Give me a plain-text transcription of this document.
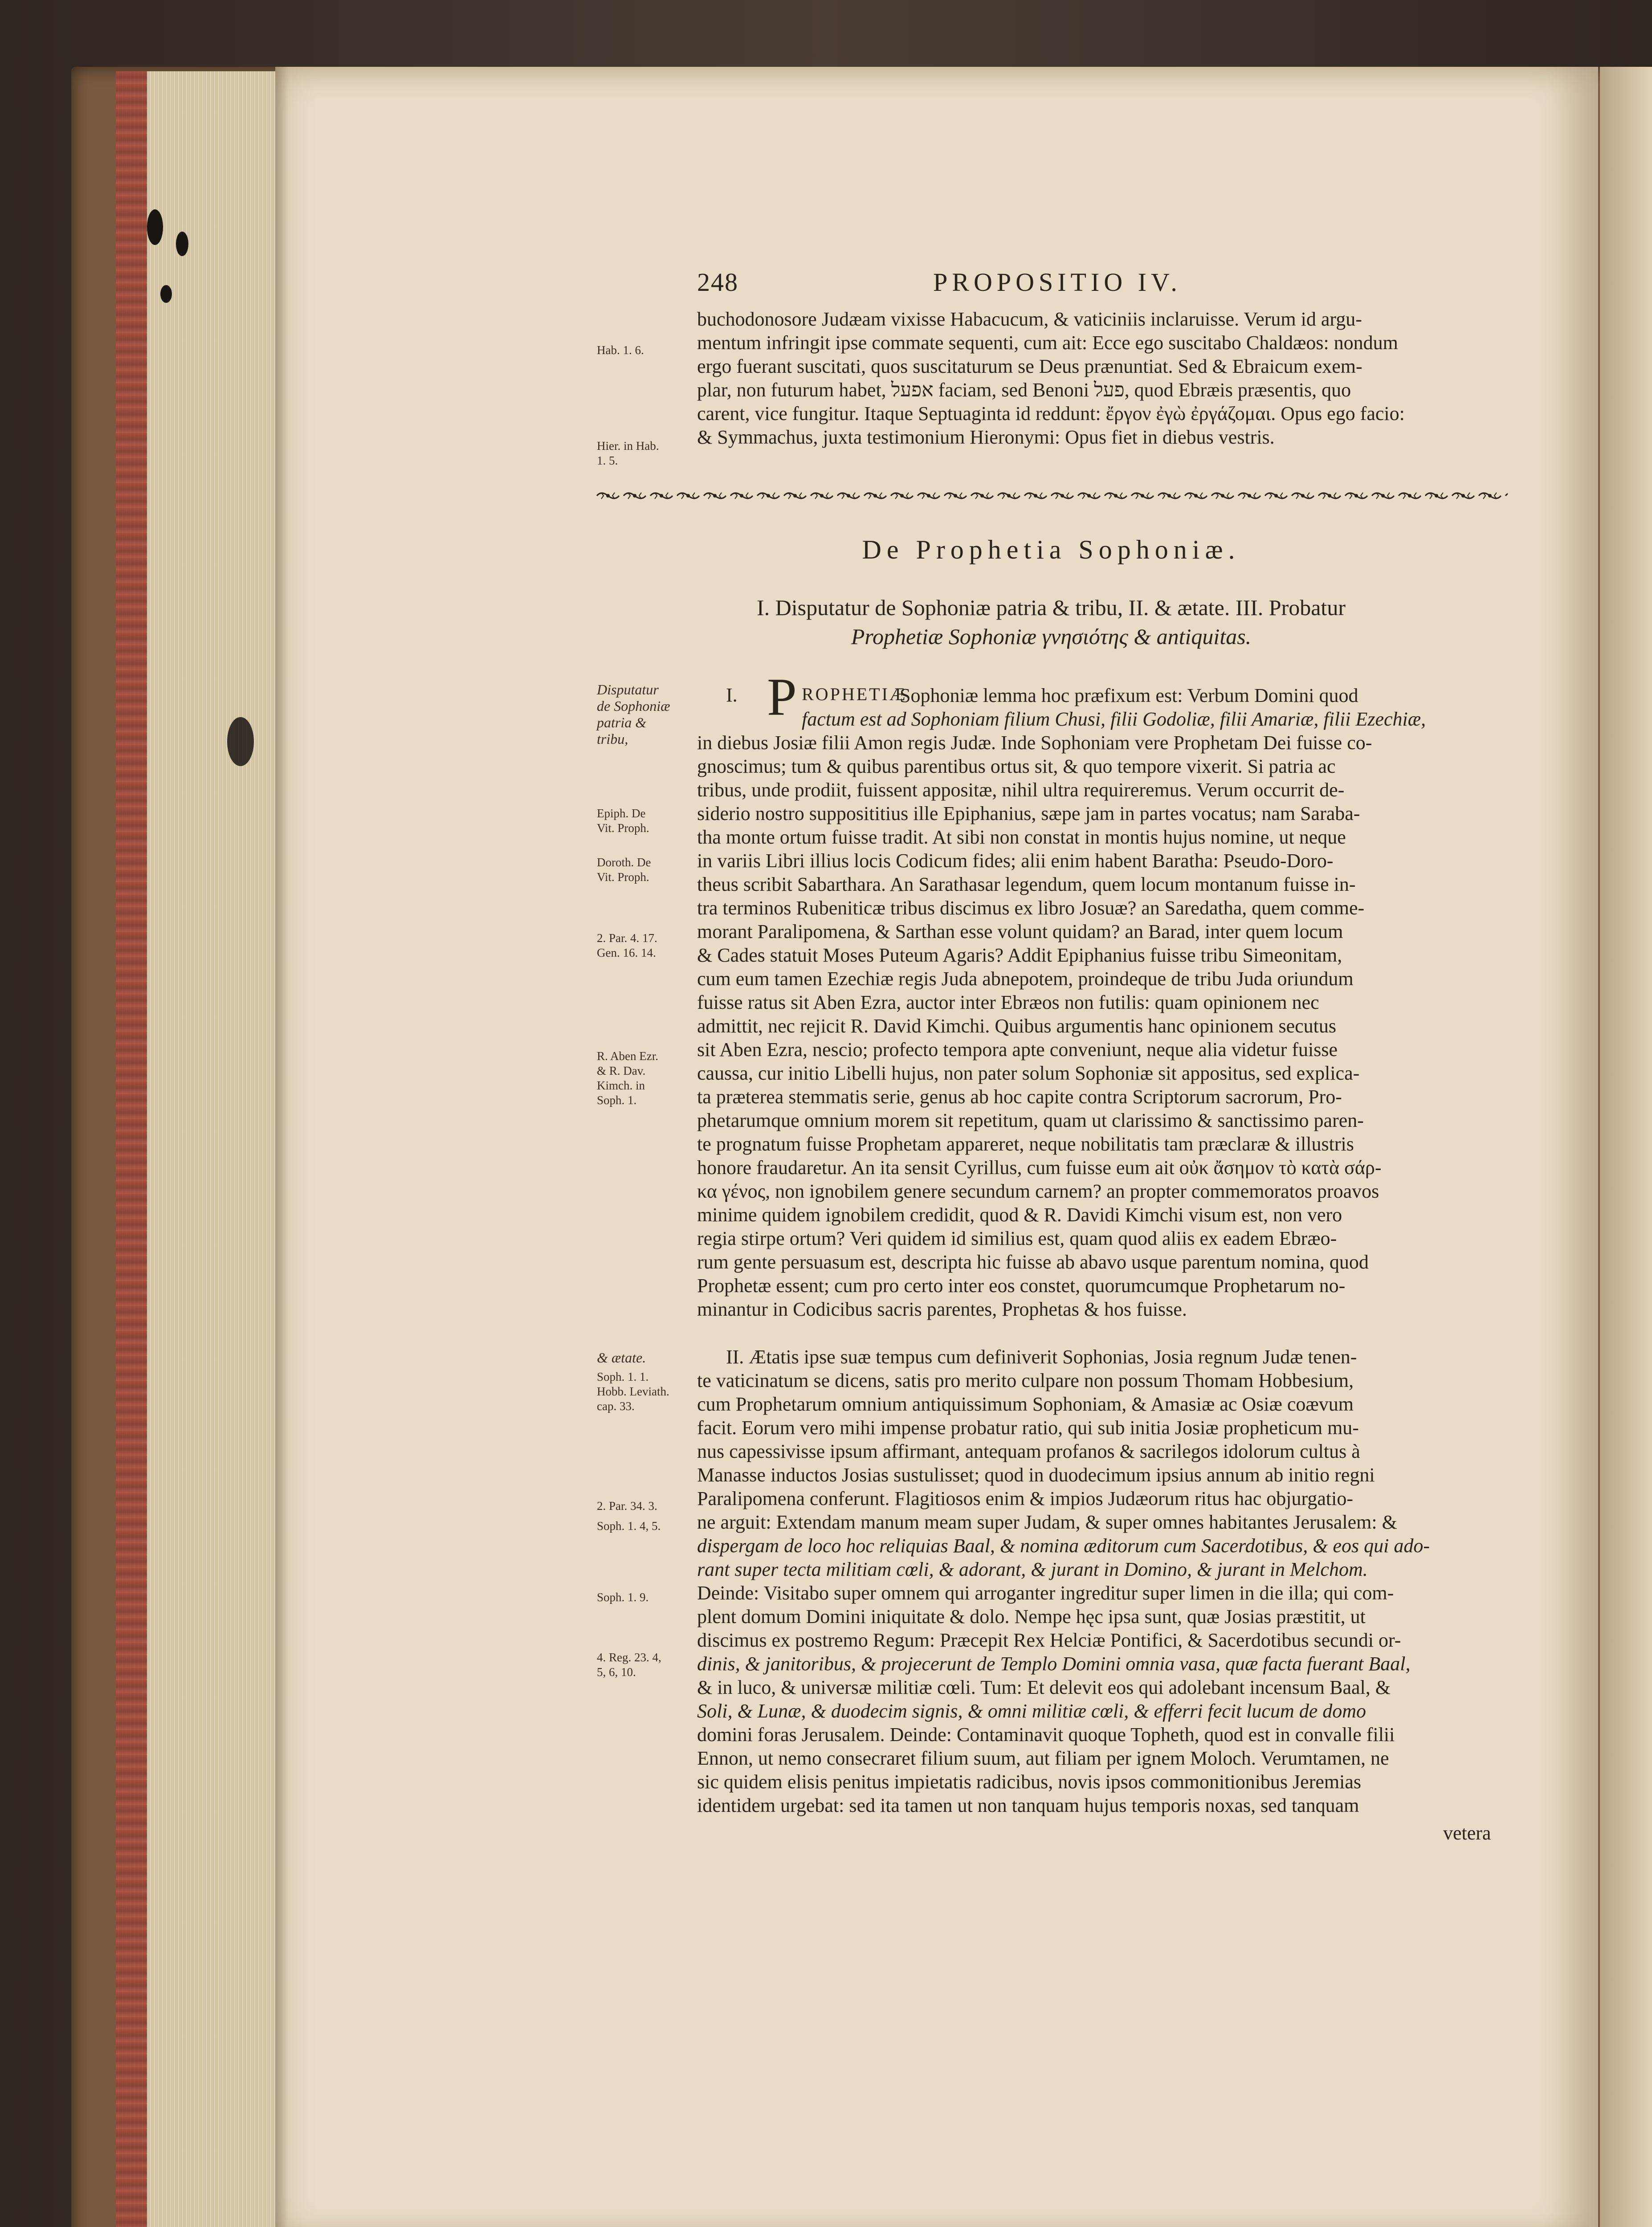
248	PROPOSITIO IV.
Hab. 1. 6.
buchodonosore Judæam vixisse Habacucum, & vaticiniis inclaruisse. Verum id argu-
mentum infringit ipse commate sequenti, cum ait: Ecce ego suscitabo Chaldæos: nondum
ergo fuerant suscitati, quos suscitaturum se Deus prænuntiat. Sed & Ebraicum exem-
plar, non futurum habet, אפעל faciam, sed Benoni פעל, quod Ebræis præsentis, quo
carent, vice fungitur. Itaque Septuaginta id reddunt: ἔργον ἐγὼ ἐργάζομαι. Opus ego facio:
& Symmachus, juxta testimonium Hieronymi: Opus fiet in diebus vestris.
Hier. in Hab.
1. 5.
De Prophetia Sophoniæ.
I. Disputatur de Sophoniæ patria & tribu, II. & ætate. III. Probatur
Prophetiæ Sophoniæ γνησιότης & antiquitas.
Disputatur
de Sophoniæ
patria &
tribu,
Epiph. De
Vit. Proph.
Doroth. De
Vit. Proph.
2. Par. 4. 17.
Gen. 16. 14.
R. Aben Ezr.
& R. Dav.
Kimch. in
Soph. 1.
I. P ROPHETIÆ
Sophoniæ lemma hoc præfixum est: Verbum Domini quod
factum est ad Sophoniam filium Chusi, filii Godoliæ, filii Amariæ, filii Ezechiæ,
in diebus Josiæ filii Amon regis Judæ. Inde Sophoniam vere Prophetam Dei fuisse co-
gnoscimus; tum & quibus parentibus ortus sit, & quo tempore vixerit. Si patria ac
tribus, unde prodiit, fuissent appositæ, nihil ultra requireremus. Verum occurrit de-
siderio nostro supposititius ille Epiphanius, sæpe jam in partes vocatus; nam Saraba-
tha monte ortum fuisse tradit. At sibi non constat in montis hujus nomine, ut neque
in variis Libri illius locis Codicum fides; alii enim habent Baratha: Pseudo-Doro-
theus scribit Sabarthara. An Sarathasar legendum, quem locum montanum fuisse in-
tra terminos Rubeniticæ tribus discimus ex libro Josuæ? an Saredatha, quem comme-
morant Paralipomena, & Sarthan esse volunt quidam? an Barad, inter quem locum
& Cades statuit Moses Puteum Agaris? Addit Epiphanius fuisse tribu Simeonitam,
cum eum tamen Ezechiæ regis Juda abnepotem, proindeque de tribu Juda oriundum
fuisse ratus sit Aben Ezra, auctor inter Ebræos non futilis: quam opinionem nec
admittit, nec rejicit R. David Kimchi. Quibus argumentis hanc opinionem secutus
sit Aben Ezra, nescio; profecto tempora apte conveniunt, neque alia videtur fuisse
caussa, cur initio Libelli hujus, non pater solum Sophoniæ sit appositus, sed explica-
ta præterea stemmatis serie, genus ab hoc capite contra Scriptorum sacrorum, Pro-
phetarumque omnium morem sit repetitum, quam ut clarissimo & sanctissimo paren-
te prognatum fuisse Prophetam appareret, neque nobilitatis tam præclaræ & illustris
honore fraudaretur. An ita sensit Cyrillus, cum fuisse eum ait οὐκ ἄσημον τὸ κατὰ σάρ-
κα γένος, non ignobilem genere secundum carnem? an propter commemoratos proavos
minime quidem ignobilem credidit, quod & R. Davidi Kimchi visum est, non vero
regia stirpe ortum? Veri quidem id similius est, quam quod aliis ex eadem Ebræo-
rum gente persuasum est, descripta hic fuisse ab abavo usque parentum nomina, quod
Prophetæ essent; cum pro certo inter eos constet, quorumcumque Prophetarum no-
minantur in Codicibus sacris parentes, Prophetas & hos fuisse.
& ætate.
Soph. 1. 1.
Hobb. Leviath.
cap. 33.
2. Par. 34. 3.
Soph. 1. 4, 5.
Soph. 1. 9.
4. Reg. 23. 4,
5, 6, 10.
II. Ætatis ipse suæ tempus cum definiverit Sophonias, Josia regnum Judæ tenen-
te vaticinatum se dicens, satis pro merito culpare non possum Thomam Hobbesium,
cum Prophetarum omnium antiquissimum Sophoniam, & Amasiæ ac Osiæ coævum
facit. Eorum vero mihi impense probatur ratio, qui sub initia Josiæ propheticum mu-
nus capessivisse ipsum affirmant, antequam profanos & sacrilegos idolorum cultus à
Manasse inductos Josias sustulisset; quod in duodecimum ipsius annum ab initio regni
Paralipomena conferunt. Flagitiosos enim & impios Judæorum ritus hac objurgatio-
ne arguit: Extendam manum meam super Judam, & super omnes habitantes Jerusalem: &
dispergam de loco hoc reliquias Baal, & nomina æditorum cum Sacerdotibus, & eos qui ado-
rant super tecta militiam cœli, & adorant, & jurant in Domino, & jurant in Melchom.
Deinde: Visitabo super omnem qui arroganter ingreditur super limen in die illa; qui com-
plent domum Domini iniquitate & dolo. Nempe hęc ipsa sunt, quæ Josias præstitit, ut
discimus ex postremo Regum: Præcepit Rex Helciæ Pontifici, & Sacerdotibus secundi or-
dinis, & janitoribus, & projecerunt de Templo Domini omnia vasa, quæ facta fuerant Baal,
& in luco, & universæ militiæ cœli. Tum: Et delevit eos qui adolebant incensum Baal, &
Soli, & Lunæ, & duodecim signis, & omni militiæ cœli, & efferri fecit lucum de domo
domini foras Jerusalem. Deinde: Contaminavit quoque Topheth, quod est in convalle filii
Ennon, ut nemo consecraret filium suum, aut filiam per ignem Moloch. Verumtamen, ne
sic quidem elisis penitus impietatis radicibus, novis ipsos commonitionibus Jeremias
identidem urgebat: sed ita tamen ut non tanquam hujus temporis noxas, sed tanquam
vetera
